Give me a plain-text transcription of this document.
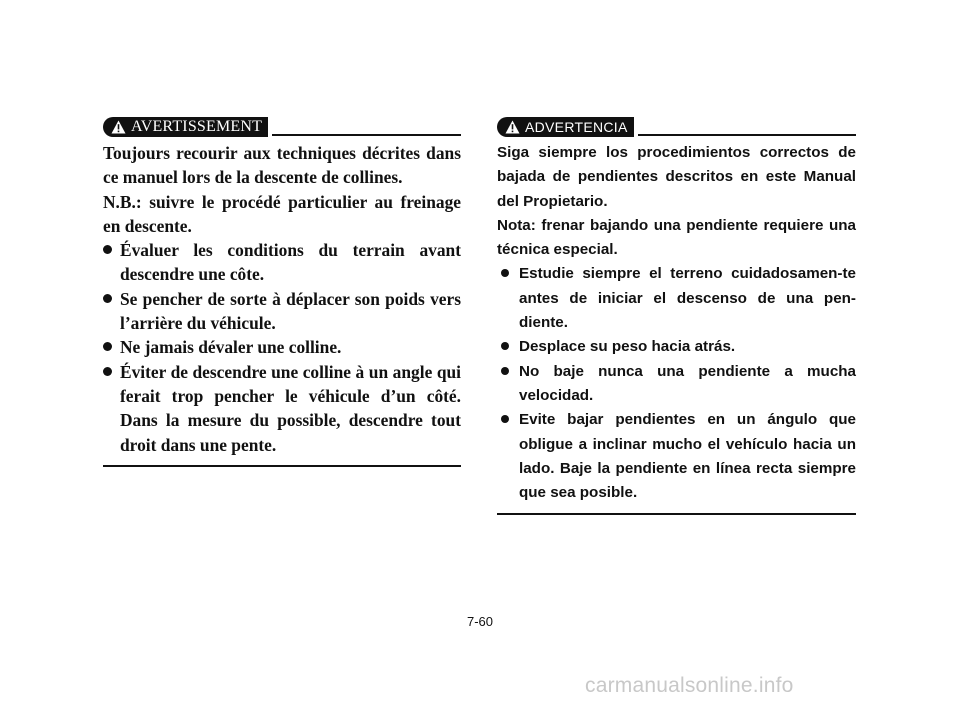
AVERTISSEMENT

Toujours recourir aux techniques décrites dans ce manuel lors de la descente de collines.

N.B.: suivre le procédé particulier au freinage en descente.

Évaluer les conditions du terrain avant descendre une côte.
Se pencher de sorte à déplacer son poids vers l’arrière du véhicule.
Ne jamais dévaler une colline.
Éviter de descendre une colline à un angle qui ferait trop pencher le véhicule d’un côté. Dans la mesure du possible, descendre tout droit dans une pente.
ADVERTENCIA

Siga siempre los procedimientos correctos de bajada de pendientes descritos en este Manual del Propietario.

Nota: frenar bajando una pendiente requiere una técnica especial.

Estudie siempre el terreno cuidadosamen-te antes de iniciar el descenso de una pen-diente.
Desplace su peso hacia atrás.
No baje nunca una pendiente a mucha velocidad.
Evite bajar pendientes en un ángulo que obligue a inclinar mucho el vehículo hacia un lado. Baje la pendiente en línea recta siempre que sea posible.
7-60
carmanualsonline.info
